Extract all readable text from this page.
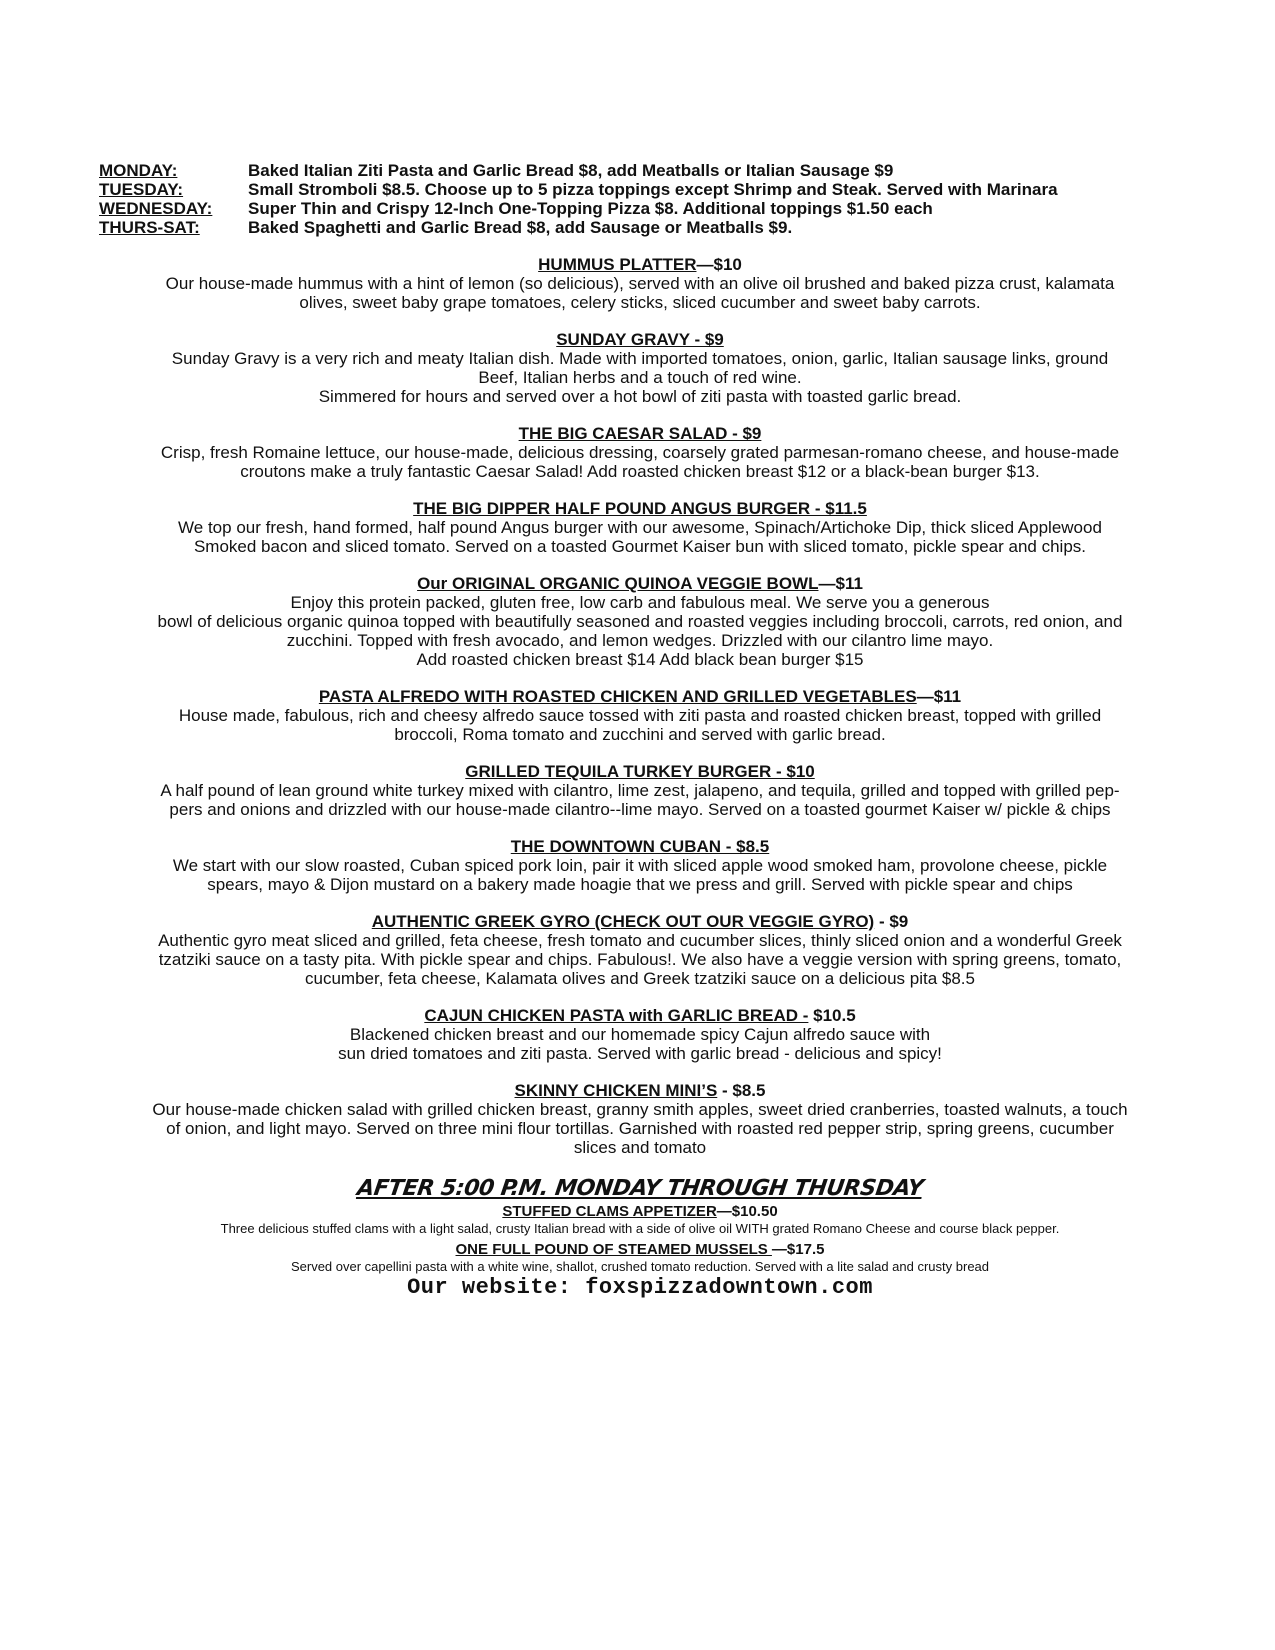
MONDAY:	Baked Italian Ziti Pasta and Garlic Bread $8, add Meatballs or Italian Sausage $9
TUESDAY:	Small Stromboli $8.5. Choose up to 5 pizza toppings except Shrimp and Steak. Served with Marinara
WEDNESDAY:	Super Thin and Crispy 12-Inch One-Topping Pizza $8. Additional toppings $1.50 each
THURS-SAT:	Baked Spaghetti and Garlic Bread $8, add Sausage or Meatballs $9.
HUMMUS PLATTER—$10
Our house-made hummus with a hint of lemon (so delicious), served with an olive oil brushed and baked pizza crust, kalamata
olives, sweet baby grape tomatoes, celery sticks, sliced cucumber and sweet baby carrots.
SUNDAY GRAVY - $9
Sunday Gravy is a very rich and meaty Italian dish. Made with imported tomatoes, onion, garlic, Italian sausage links, ground
Beef, Italian herbs and a touch of red wine.
Simmered for hours and served over a hot bowl of ziti pasta with toasted garlic bread.
THE BIG CAESAR SALAD - $9
Crisp, fresh Romaine lettuce, our house-made, delicious dressing, coarsely grated parmesan-romano cheese, and house-made
croutons make a truly fantastic Caesar Salad! Add roasted chicken breast $12 or a black-bean burger $13.
THE BIG DIPPER HALF POUND ANGUS BURGER - $11.5
We top our fresh, hand formed, half pound Angus burger with our awesome, Spinach/Artichoke Dip, thick sliced Applewood
Smoked bacon and sliced tomato. Served on a toasted Gourmet Kaiser bun with sliced tomato, pickle spear and chips.
Our ORIGINAL ORGANIC QUINOA VEGGIE BOWL—$11
Enjoy this protein packed, gluten free, low carb and fabulous meal. We serve you a generous
bowl of delicious organic quinoa topped with beautifully seasoned and roasted veggies including broccoli, carrots, red onion, and
zucchini. Topped with fresh avocado, and lemon wedges. Drizzled with our cilantro lime mayo.
Add roasted chicken breast $14 Add black bean burger $15
PASTA ALFREDO WITH ROASTED CHICKEN AND GRILLED VEGETABLES—$11
House made, fabulous, rich and cheesy alfredo sauce tossed with ziti pasta and roasted chicken breast, topped with grilled
broccoli, Roma tomato and zucchini and served with garlic bread.
GRILLED TEQUILA TURKEY BURGER - $10
A half pound of lean ground white turkey mixed with cilantro, lime zest, jalapeno, and tequila, grilled and topped with grilled pep-
pers and onions and drizzled with our house-made cilantro--lime mayo. Served on a toasted gourmet Kaiser w/ pickle & chips
THE DOWNTOWN CUBAN - $8.5
We start with our slow roasted, Cuban spiced pork loin, pair it with sliced apple wood smoked ham, provolone cheese, pickle
spears, mayo & Dijon mustard on a bakery made hoagie that we press and grill. Served with pickle spear and chips
AUTHENTIC GREEK GYRO (CHECK OUT OUR VEGGIE GYRO) - $9
Authentic gyro meat sliced and grilled, feta cheese, fresh tomato and cucumber slices, thinly sliced onion and a wonderful Greek
tzatziki sauce on a tasty pita. With pickle spear and chips. Fabulous!. We also have a veggie version with spring greens, tomato,
cucumber, feta cheese, Kalamata olives and Greek tzatziki sauce on a delicious pita $8.5
CAJUN CHICKEN PASTA with GARLIC BREAD - $10.5
Blackened chicken breast and our homemade spicy Cajun alfredo sauce with
sun dried tomatoes and ziti pasta. Served with garlic bread - delicious and spicy!
SKINNY CHICKEN MINI’S - $8.5
Our house-made chicken salad with grilled chicken breast, granny smith apples, sweet dried cranberries, toasted walnuts, a touch
of onion, and light mayo. Served on three mini flour tortillas. Garnished with roasted red pepper strip, spring greens, cucumber
slices and tomato
AFTER 5:00 P.M. MONDAY THROUGH THURSDAY
STUFFED CLAMS APPETIZER—$10.50
Three delicious stuffed clams with a light salad, crusty Italian bread with a side of olive oil WITH grated Romano Cheese and course black pepper.
ONE FULL POUND OF STEAMED MUSSELS —$17.5
Served over capellini pasta with a white wine, shallot, crushed tomato reduction. Served with a lite salad and crusty bread
Our website: foxspizzadowntown.com
